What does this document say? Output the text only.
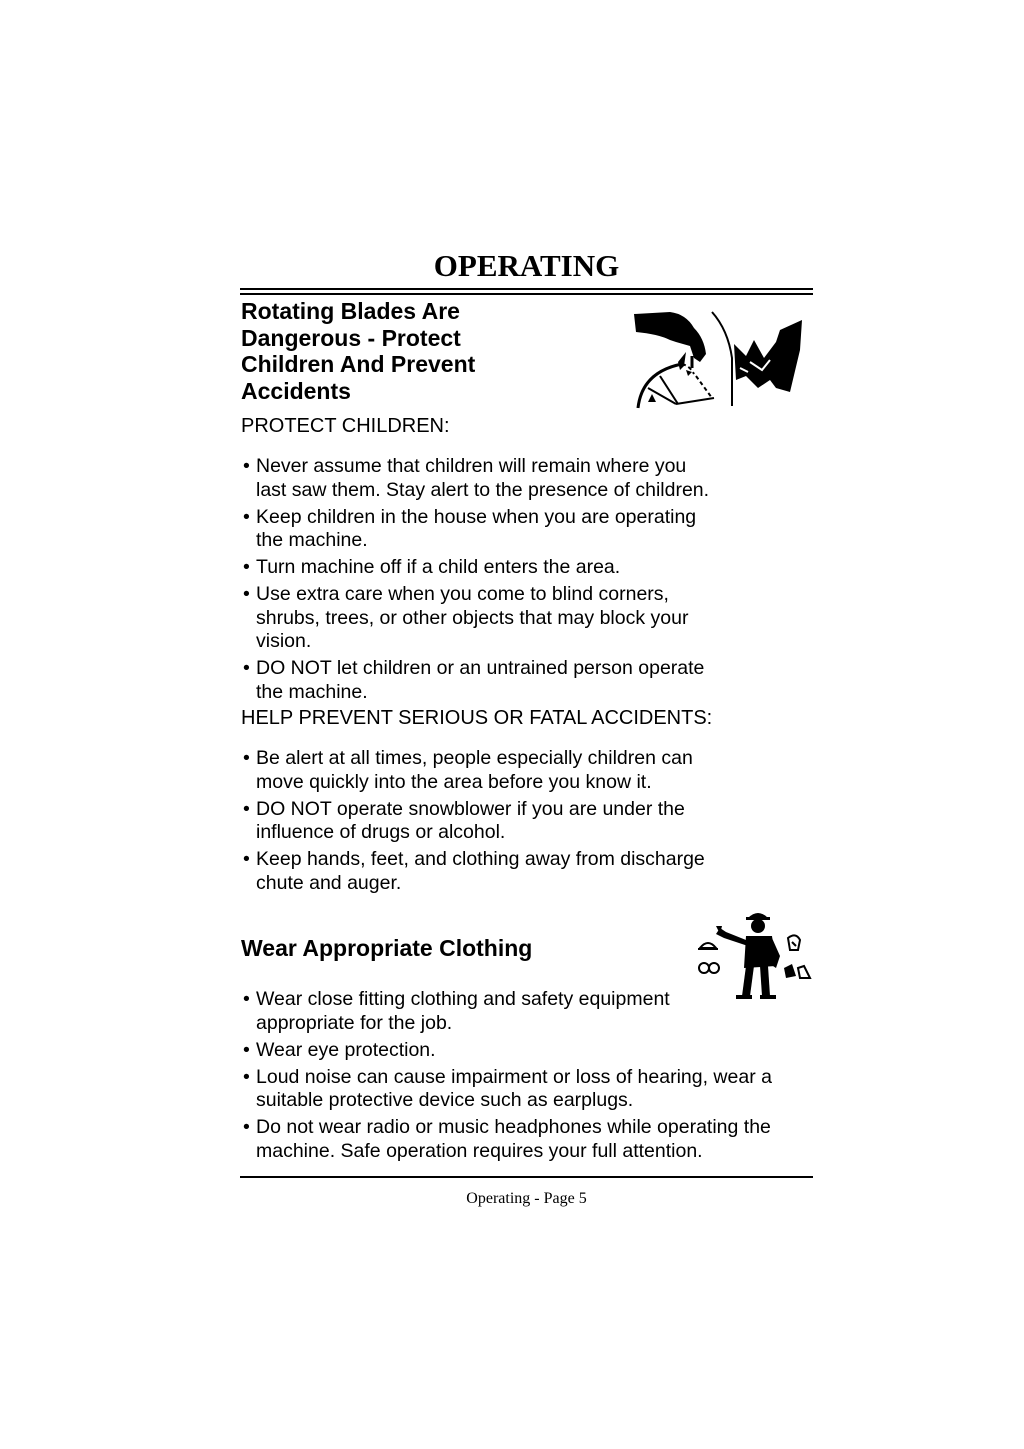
OPERATING
Rotating Blades Are
Dangerous - Protect
Children And Prevent
Accidents
PROTECT CHILDREN:
• Never assume that children will remain where you
last saw them. Stay alert to the presence of children.
• Keep children in the house when you are operating
the machine.
• Turn machine off if a child enters the area.
• Use extra care when you come to blind corners,
shrubs, trees, or other objects that may block your
vision.
• DO NOT let children or an untrained person operate
the machine.
HELP PREVENT SERIOUS OR FATAL ACCIDENTS:
• Be alert at all times, people especially children can
move quickly into the area before you know it.
• DO NOT operate snowblower if you are under the
influence of drugs or alcohol.
• Keep hands, feet, and clothing away from discharge
chute and auger.
Wear Appropriate Clothing
• Wear close fitting clothing and safety equipment
appropriate for the job.
• Wear eye protection.
• Loud noise can cause impairment or loss of hearing, wear a
suitable protective device such as earplugs.
• Do not wear radio or music headphones while operating the
machine. Safe operation requires your full attention.
Operating - Page 5
